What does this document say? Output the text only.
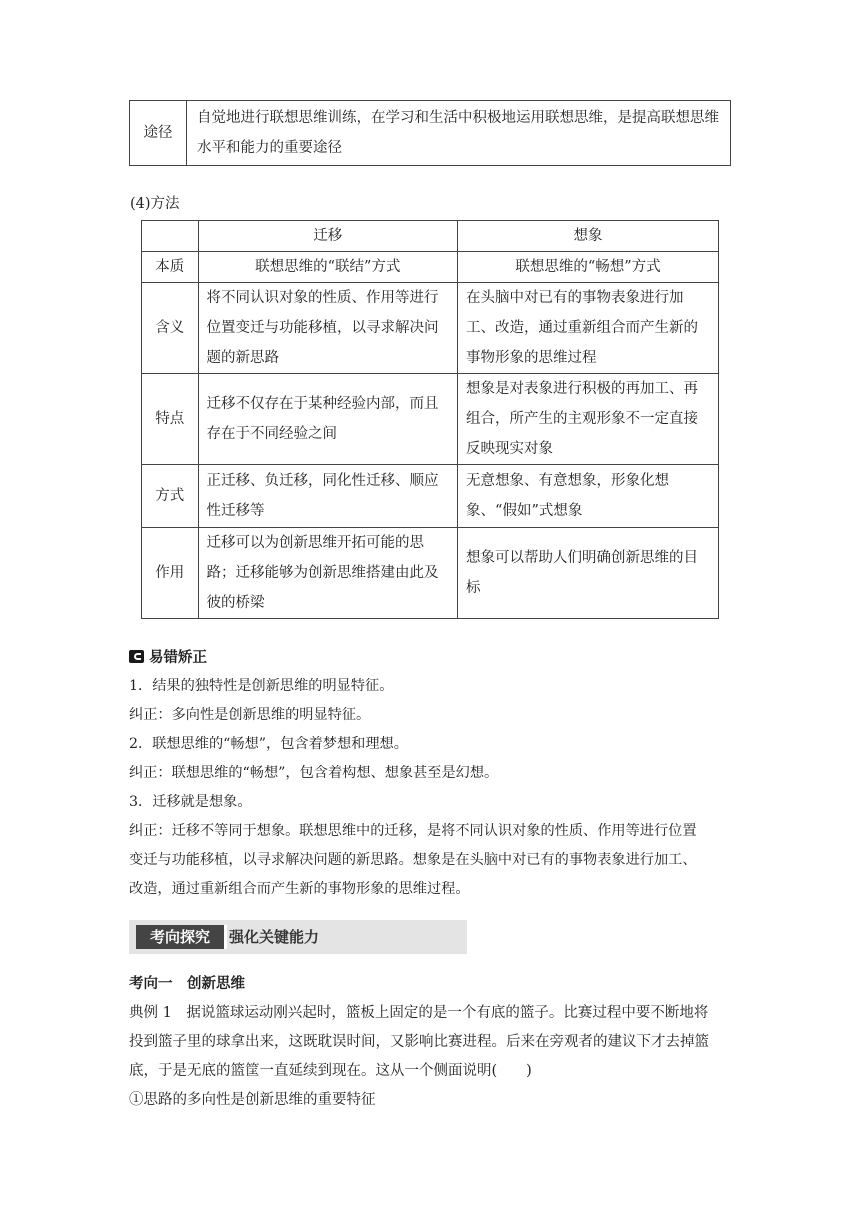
途径	自觉地进行联想思维训练，在学习和生活中积极地运用联想思维，是提高联想思维水平和能力的重要途径
(4)方法
	迁移	想象
本质	联想思维的“联结”方式	联想思维的“畅想”方式
含义	将不同认识对象的性质、作用等进行位置变迁与功能移植，以寻求解决问题的新思路	在头脑中对已有的事物表象进行加工、改造，通过重新组合而产生新的事物形象的思维过程
特点	迁移不仅存在于某种经验内部，而且存在于不同经验之间	想象是对表象进行积极的再加工、再组合，所产生的主观形象不一定直接反映现实对象
方式	正迁移、负迁移，同化性迁移、顺应性迁移等	无意想象、有意想象，形象化想象、“假如”式想象
作用	迁移可以为创新思维开拓可能的思路；迁移能够为创新思维搭建由此及彼的桥梁	想象可以帮助人们明确创新思维的目标
易错矫正
1．结果的独特性是创新思维的明显特征。
纠正：多向性是创新思维的明显特征。
2．联想思维的“畅想”，包含着梦想和理想。
纠正：联想思维的“畅想”，包含着构想、想象甚至是幻想。
3．迁移就是想象。
纠正：迁移不等同于想象。联想思维中的迁移，是将不同认识对象的性质、作用等进行位置
变迁与功能移植，以寻求解决问题的新思路。想象是在头脑中对已有的事物表象进行加工、
改造，通过重新组合而产生新的事物形象的思维过程。
考向探究	强化关键能力
考向一　创新思维

典例 1　据说篮球运动刚兴起时，篮板上固定的是一个有底的篮子。比赛过程中要不断地将

投到篮子里的球拿出来，这既耽误时间，又影响比赛进程。后来在旁观者的建议下才去掉篮

底，于是无底的篮筐一直延续到现在。这从一个侧面说明(　　)

①思路的多向性是创新思维的重要特征
